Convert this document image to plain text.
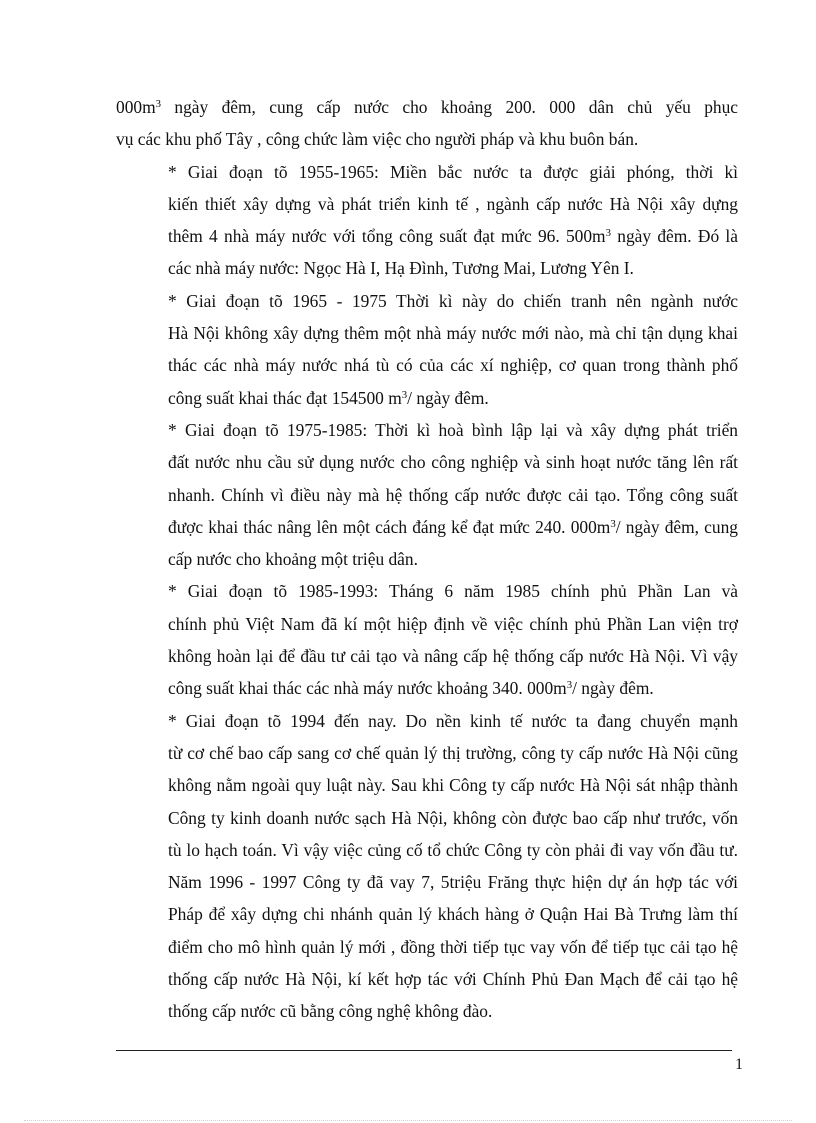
$000m^3$ ngày đêm, cung cấp nước cho khoảng 200. 000 dân chủ yếu phục
vụ các khu phố Tây , công chức làm việc cho người pháp và khu buôn bán.

* Giai đoạn tõ 1955-1965: Miền bắc nước ta được giải phóng, thời kì
kiến thiết xây dựng và phát triển kinh tế , ngành cấp nước Hà Nội xây dựng
thêm 4 nhà máy nước với tổng công suất đạt mức 96. $500m^3$ ngày đêm. Đó là
các nhà máy nước: Ngọc Hà I, Hạ Đình, Tương Mai, Lương Yên I.

* Giai đoạn tõ 1965 - 1975 Thời kì này do chiến tranh nên ngành nước
Hà Nội không xây dựng thêm một nhà máy nước mới nào, mà chỉ tận dụng khai
thác các nhà máy nước nhá tù có của các xí nghiệp, cơ quan trong thành phố
công suất khai thác đạt 154500 $m^3/$ ngày đêm.

* Giai đoạn tõ 1975-1985: Thời kì hoà bình lập lại và xây dựng phát triển
đất nước nhu cầu sử dụng nước cho công nghiệp và sinh hoạt nước tăng lên rất
nhanh. Chính vì điều này mà hệ thống cấp nước được cải tạo. Tổng công suất
được khai thác nâng lên một cách đáng kể đạt mức 240. $000m^3/$ ngày đêm, cung
cấp nước cho khoảng một triệu dân.

* Giai đoạn tõ 1985-1993: Tháng 6 năm 1985 chính phủ Phần Lan và
chính phủ Việt Nam đã kí một hiệp định về việc chính phủ Phần Lan viện trợ
không hoàn lại để đầu tư cải tạo và nâng cấp hệ thống cấp nước Hà Nội. Vì vậy
công suất khai thác các nhà máy nước khoảng 340. $000m^3/$ ngày đêm.

* Giai đoạn tõ 1994 đến nay. Do nền kinh tế nước ta đang chuyển mạnh
từ cơ chế bao cấp sang cơ chế quản lý thị trường, công ty cấp nước Hà Nội cũng
không nằm ngoài quy luật này. Sau khi Công ty cấp nước Hà Nội sát nhập thành
Công ty kinh doanh nước sạch Hà Nội, không còn được bao cấp như trước, vốn
tù lo hạch toán. Vì vậy việc củng cố tổ chức Công ty còn phải đi vay vốn đầu tư.
Năm 1996 - 1997 Công ty đã vay 7, 5triệu Frăng thực hiện dự án hợp tác với
Pháp để xây dựng chi nhánh quản lý khách hàng ở Quận Hai Bà Trưng làm thí
điểm cho mô hình quản lý mới , đồng thời tiếp tục vay vốn để tiếp tục cải tạo hệ
thống cấp nước Hà Nội, kí kết hợp tác với Chính Phủ Đan Mạch để cải tạo hệ
thống cấp nước cũ bằng công nghệ không đào.

1
